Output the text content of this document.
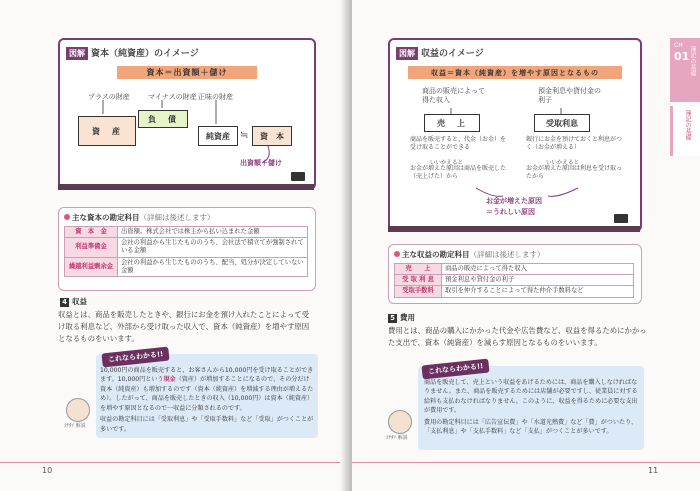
図解 資本（純資産）のイメージ
資本＝出資額＋儲け
プラスの財産	マイナスの財産 正味の財産
資　産
負　債
純資産	≒	資　本
出資額＋儲け
主な資本の勘定科目（詳細は後述します）
資　本　金	出資額。株式会社では株主から払い込まれた金額
利益準備金	会社の利益から生じたもののうち、会社法で積立てが強制されている金額
繰越利益剰余金	会社の利益から生じたもののうち、配当、処分が決定していない金額
4 収益
収益とは、商品を販売したときや、銀行にお金を預け入れたことによって受け取る利息など、外部から受け取った収入で、資本（純資産）を増やす原因となるものをいいます。
これならわかる!!
10,000円の商品を販売すると、お客さんから10,000円を受け取ることができます。10,000円という現金（資産）が増加することになるので、その分だけ資本（純資産）も増加するのです（資本（純資産）を増減する理由が増えるため）。したがって、商品を販売したときの収入（10,000円）は資本（純資産）を増やす原因となるので一収益に分類されるのです。
収益の勘定科目には「受取利息」や「受取手数料」など「受取」がつくことが多いです。
ｺﾔﾀﾏ 解説
10
図解 収益のイメージ
収益＝資本（純資産）を増やす原因となるもの
商品の販売によって得た収入
預金利息や貸付金の利子
売　上	受取利息
商品を販売すると、代金（お金）を受け取ることができる
いいかえると
お金が増えた原因は商品を販売した（売上げた）から
銀行にお金を預けておくと利息がつく（お金が増える）
いいかえると
お金が増えた原因は利息を受け取ったから
お金が増えた原因
＝うれしい原因
主な収益の勘定科目（詳細は後述します）
売　　上	商品の販売によって得た収入
受 取 利 息	預金利息や貸付金の利子
受取手数料	取引を仲介することによって得た仲介手数料など
5 費用
費用とは、商品の購入にかかった代金や広告費など、収益を得るためにかかった支出で、資本（純資産）を減らす原因となるものをいいます。
これならわかる!!
商品を販売して、売上という収益をあげるためには、商品を購入しなければなりません。また、商品を販売するためには店舗が必要ですし、従業員に対する給料も支払わなければなりません。このように、収益を得るために必要な支出が費用です。
費用の勘定科目には「広告宣伝費」や「水道光熱費」など「費」がついたり、「支払利息」や「支払手数料」など「支払」がつくことが多いです。
ｺﾔﾀﾏ 解説
CH
01 簿記の基礎
簿記の基礎
11
